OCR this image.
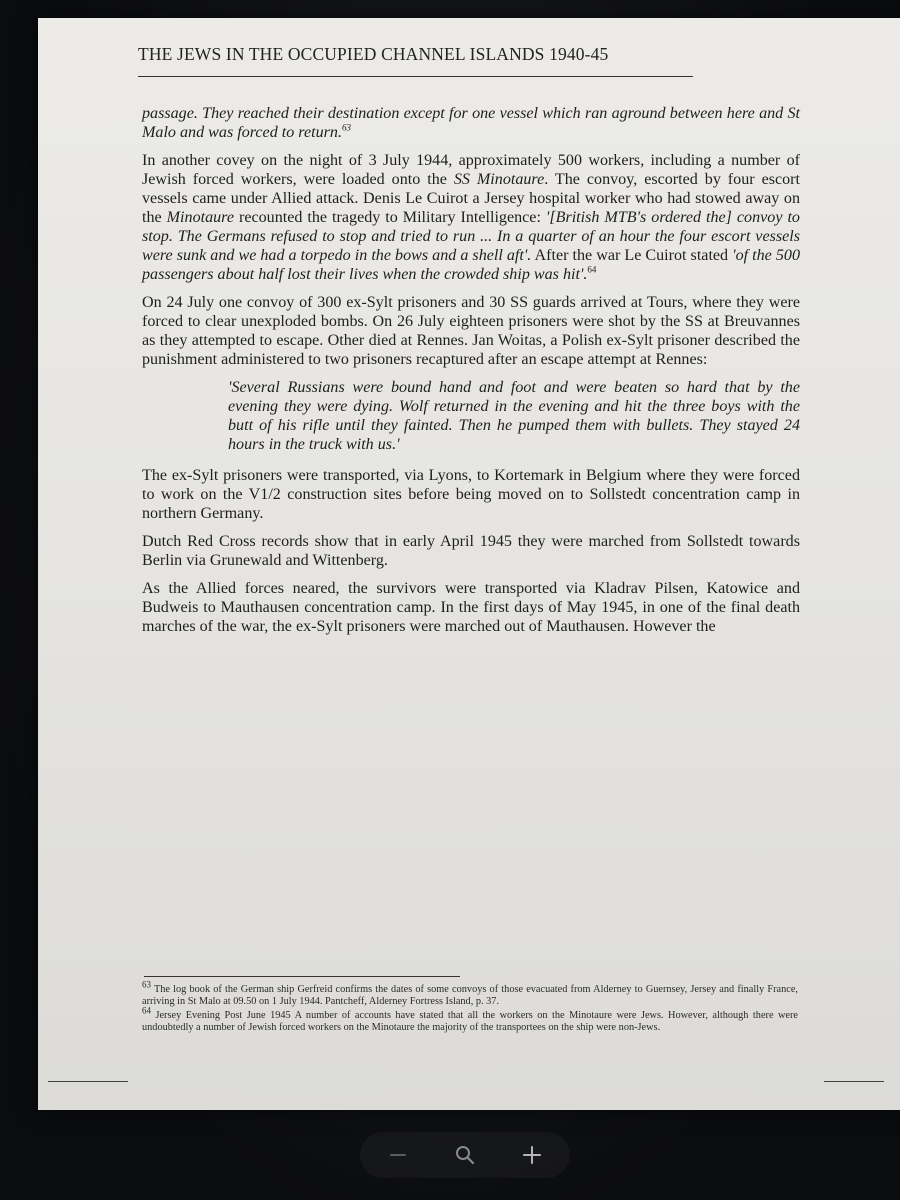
THE JEWS IN THE OCCUPIED CHANNEL ISLANDS 1940-45

passage. They reached their destination except for one vessel which ran aground between here and St Malo and was forced to return.$^{63}$

In another covey on the night of 3 July 1944, approximately 500 workers, including a number of Jewish forced workers, were loaded onto the SS Minotaure. The convoy, escorted by four escort vessels came under Allied attack. Denis Le Cuirot a Jersey hospital worker who had stowed away on the Minotaure recounted the tragedy to Military Intelligence: '[British MTB's ordered the] convoy to stop. The Germans refused to stop and tried to run ... In a quarter of an hour the four escort vessels were sunk and we had a torpedo in the bows and a shell aft'. After the war Le Cuirot stated 'of the 500 passengers about half lost their lives when the crowded ship was hit'.$^{64}$

On 24 July one convoy of 300 ex-Sylt prisoners and 30 SS guards arrived at Tours, where they were forced to clear unexploded bombs. On 26 July eighteen prisoners were shot by the SS at Breuvannes as they attempted to escape. Other died at Rennes. Jan Woitas, a Polish ex-Sylt prisoner described the punishment administered to two prisoners recaptured after an escape attempt at Rennes:

'Several Russians were bound hand and foot and were beaten so hard that by the evening they were dying. Wolf returned in the evening and hit the three boys with the butt of his rifle until they fainted. Then he pumped them with bullets. They stayed 24 hours in the truck with us.'

The ex-Sylt prisoners were transported, via Lyons, to Kortemark in Belgium where they were forced to work on the V1/2 construction sites before being moved on to Sollstedt concentration camp in northern Germany.

Dutch Red Cross records show that in early April 1945 they were marched from Sollstedt towards Berlin via Grunewald and Wittenberg.

As the Allied forces neared, the survivors were transported via Kladrav Pilsen, Katowice and Budweis to Mauthausen concentration camp. In the first days of May 1945, in one of the final death marches of the war, the ex-Sylt prisoners were marched out of Mauthausen. However the

$^{63}$ The log book of the German ship Gerfreid confirms the dates of some convoys of those evacuated from Alderney to Guernsey, Jersey and finally France, arriving in St Malo at 09.50 on 1 July 1944. Pantcheff, Alderney Fortress Island, p. 37.

$^{64}$ Jersey Evening Post June 1945 A number of accounts have stated that all the workers on the Minotaure were Jews. However, although there were undoubtedly a number of Jewish forced workers on the Minotaure the majority of the transportees on the ship were non-Jews.
